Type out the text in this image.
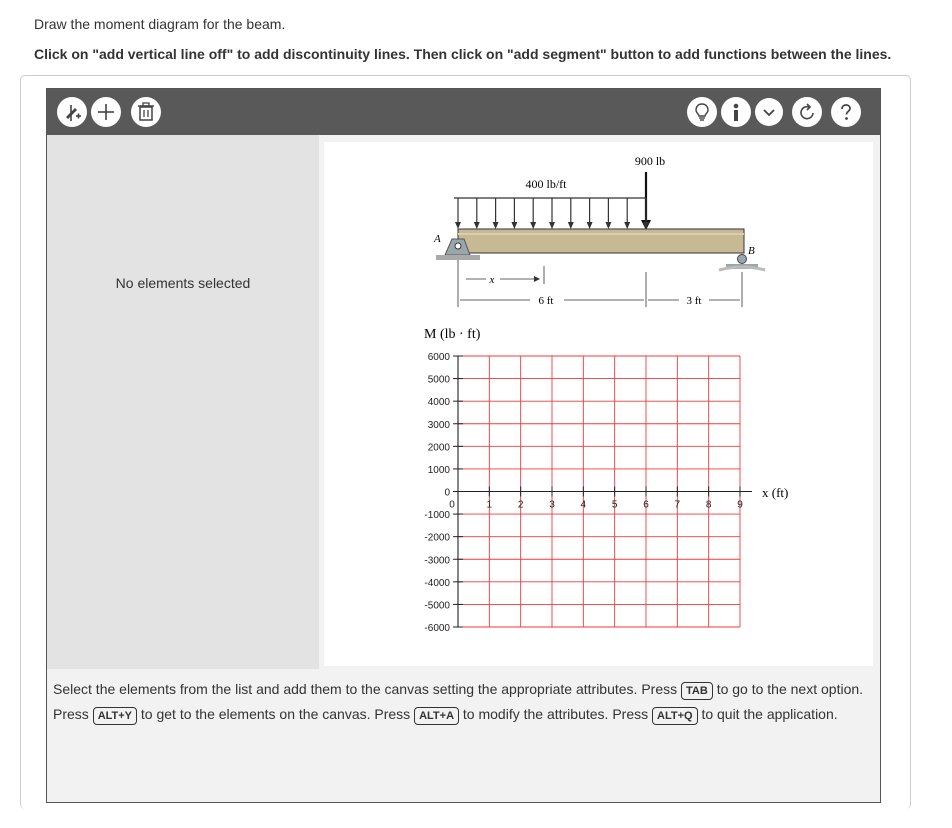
Draw the moment diagram for the beam.
Click on "add vertical line off" to add discontinuity lines. Then click on "add segment" button to add functions between the lines.
No elements selected
900 lb
400 lb/ft
A
B
x
6 ft	3 ft
M (lb · ft)
x (ft)
6000
5000
4000
3000
2000
1000
0
-1000
-2000
-3000
-4000
-5000
-6000
0	1	2	3	4	5	6	7	8	9
Select the elements from the list and add them to the canvas setting the appropriate attributes. Press TAB to go to the next option. Press ALT+Y to get to the elements on the canvas. Press ALT+A to modify the attributes. Press ALT+Q to quit the application.
